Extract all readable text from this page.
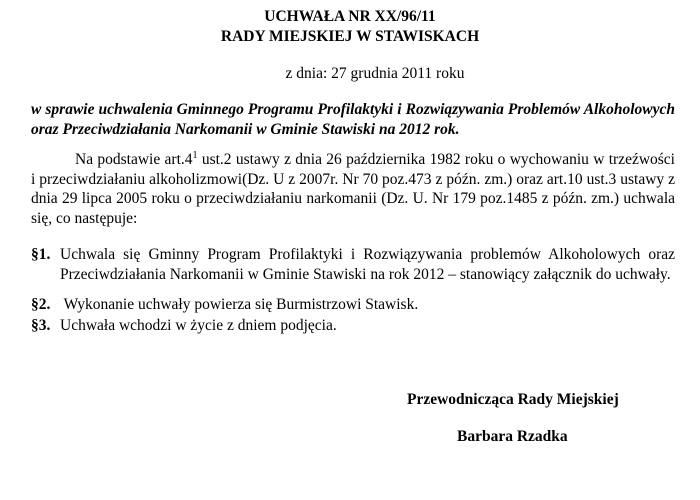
UCHWAŁA NR XX/96/11
RADY MIEJSKIEJ W STAWISKACH
z dnia: 27 grudnia 2011 roku
w sprawie uchwalenia Gminnego Programu Profilaktyki i Rozwiązywania Problemów Alkoholowych oraz Przeciwdziałania Narkomanii w Gminie Stawiski na 2012 rok.
Na podstawie $art.4^1$ ust.2 ustawy z dnia 26 października 1982 roku o wychowaniu w trzeźwości i przeciwdziałaniu alkoholizmowi(Dz. U z 2007r. Nr 70 poz.473 z późn. zm.) oraz art.10 ust.3 ustawy z dnia 29 lipca 2005 roku o przeciwdziałaniu narkomanii (Dz. U. Nr 179 poz.1485 z późn. zm.) uchwala się, co następuje:
§1. Uchwala się Gminny Program Profilaktyki i Rozwiązywania problemów Alkoholowych oraz Przeciwdziałania Narkomanii w Gminie Stawiski na rok 2012 – stanowiący załącznik do uchwały.
§2. Wykonanie uchwały powierza się Burmistrzowi Stawisk.
§3. Uchwała wchodzi w życie z dniem podjęcia.
Przewodnicząca Rady Miejskiej
Barbara Rzadka
